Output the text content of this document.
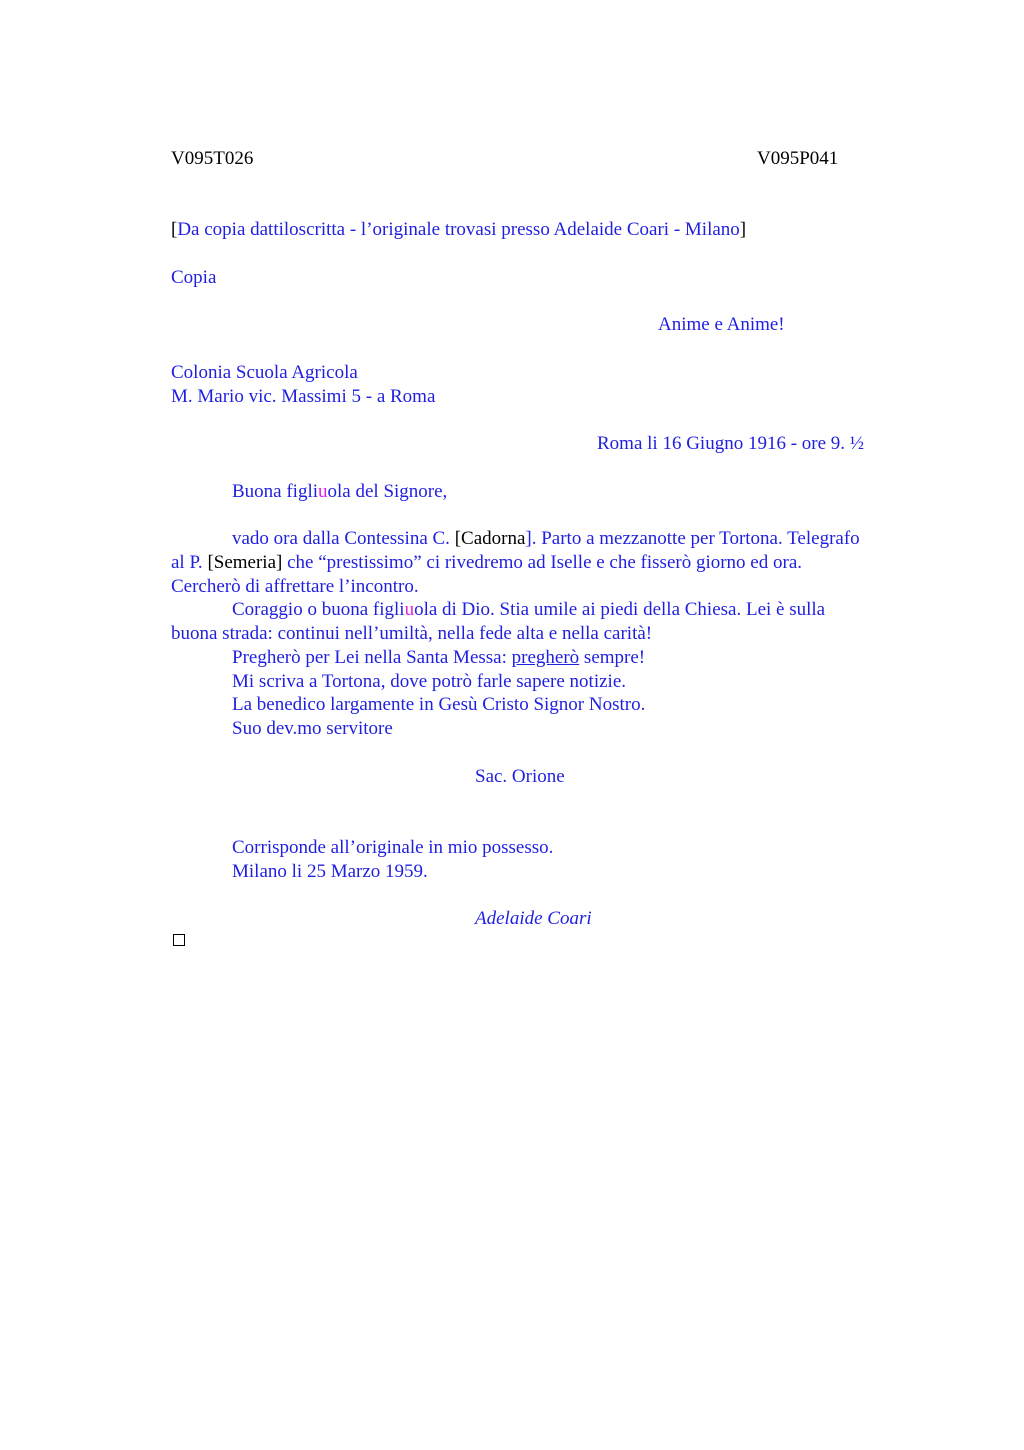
V095T026	V095P041
[Da copia dattiloscritta - l’originale trovasi presso Adelaide Coari - Milano]
Copia
Anime e Anime!
Colonia Scuola Agricola
M. Mario vic. Massimi 5 - a Roma
Roma li 16 Giugno 1916 - ore 9. ½
Buona figliuola del Signore,
vado ora dalla Contessina C. [Cadorna]. Parto a mezzanotte per Tortona. Telegrafo
al P. [Semeria] che “prestissimo” ci rivedremo ad Iselle e che fisserò giorno ed ora.
Cercherò di affrettare l’incontro.
Coraggio o buona figliuola di Dio. Stia umile ai piedi della Chiesa. Lei è sulla
buona strada: continui nell’umiltà, nella fede alta e nella carità!
Pregherò per Lei nella Santa Messa: pregherò sempre!
Mi scriva a Tortona, dove potrò farle sapere notizie.
La benedico largamente in Gesù Cristo Signor Nostro.
Suo dev.mo servitore
Sac. Orione
Corrisponde all’originale in mio possesso.
Milano li 25 Marzo 1959.
Adelaide Coari
